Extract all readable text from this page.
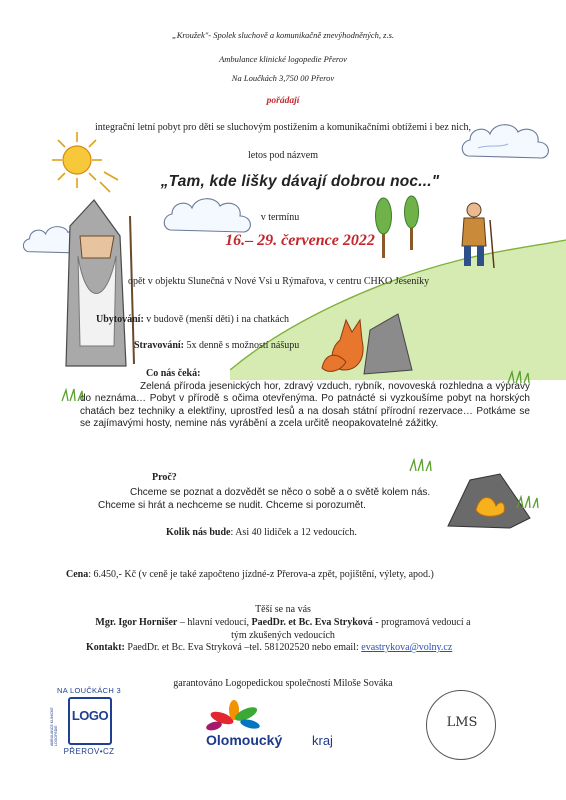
„Kroužek"- Spolek sluchově a komunikačně znevýhodněných, z.s.
Ambulance klinické logopedie Přerov
Na Loučkách 3,750 00 Přerov
pořádají
integrační letní pobyt pro děti se sluchovým postižením a komunikačními obtížemi i bez nich,
letos pod názvem
„Tam, kde lišky dávají dobrou noc..."
v termínu
16.– 29. července 2022
opět v objektu Slunečná v Nové Vsi u Rýmařova, v centru CHKO Jeseníky
Ubytování: v budově (menší děti) i na chatkách
Stravování: 5x denně s možností nášupu
Co nás čeká:
Zelená příroda jesenických hor, zdravý vzduch, rybník, novoveská rozhledna a výpravy do neznáma… Pobyt v přírodě s očima otevřenýma. Po patnácté si vyzkoušíme pobyt na horských chatách bez techniky a elektřiny, uprostřed lesů a na dosah státní přírodní rezervace… Potkáme se se zajímavými hosty, nemine nás vyrábění a zcela určitě neopakovatelné zážitky.
Proč?
Chceme se poznat a dozvědět se něco o sobě a o světě kolem nás.
Chceme si hrát a nechceme se nudit. Chceme si porozumět.
Kolik nás bude: Asi 40 lidiček a 12 vedoucích.
Cena: 6.450,- Kč (v ceně je také započteno jízdné-z Přerova-a zpět, pojištění, výlety, apod.)
Těší se na vás
Mgr. Igor Horniš​er – hlavní vedoucí, PaedDr. et Bc. Eva Stryková - programová vedoucí a
tým zkušených vedoucích
Kontakt: PaedDr. et Bc. Eva Stryková –tel. 581202520 nebo email: evastrykova@volny.cz
garantováno Logopedickou společností Miloše Sováka
NA LOUČKÁCH 3
LOGO
AMBULANCE KLINICKÉ LOGOPEDIE
PŘEROV•CZ
Olomoucký kraj
LMS
